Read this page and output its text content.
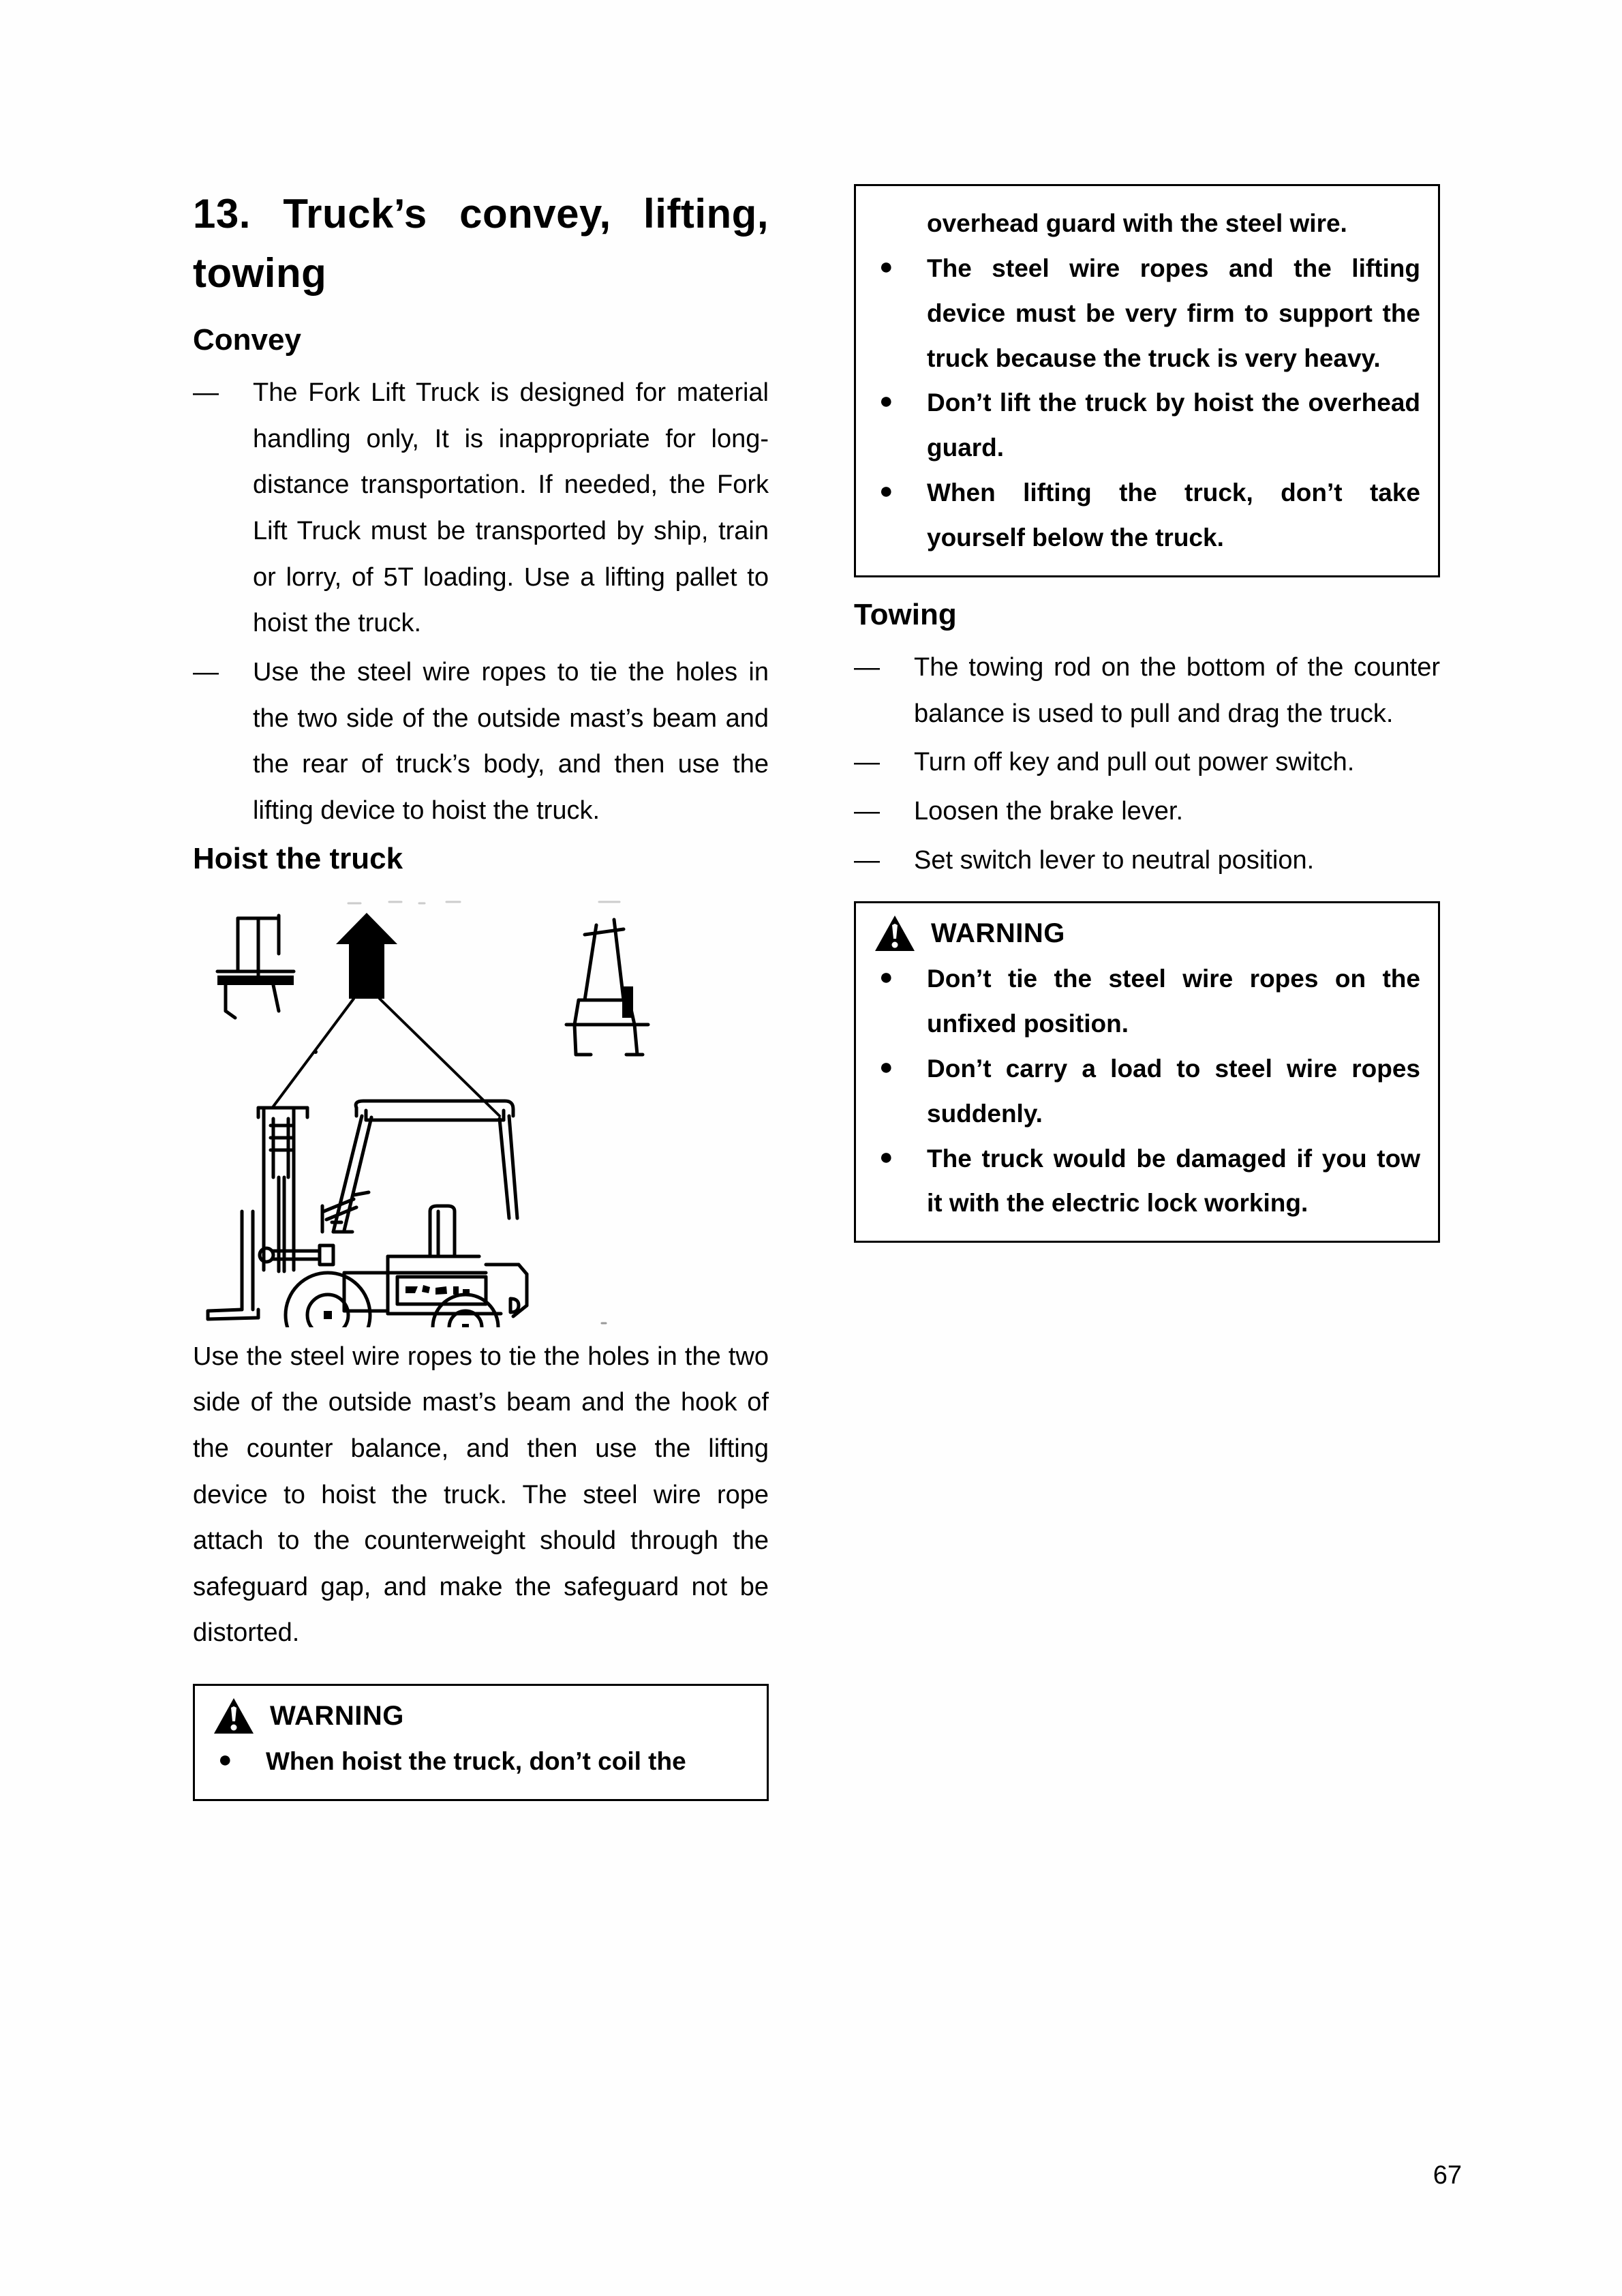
13. Truck’s convey, lifting,
towing
Convey

— The Fork Lift Truck is designed for material handling only, It is inappropriate for long-distance transportation. If needed, the Fork Lift Truck must be transported by ship, train or lorry, of 5T loading. Use a lifting pallet to hoist the truck.

— Use the steel wire ropes to tie the holes in the two side of the outside mast’s beam and the rear of truck’s body, and then use the lifting device to hoist the truck.

Hoist the truck

Use the steel wire ropes to tie the holes in the two side of the outside mast’s beam and the hook of the counter balance, and then use the lifting device to hoist the truck. The steel wire rope attach to the counterweight should through the safeguard gap, and make the safeguard not be distorted.

WARNING

● When hoist the truck, don’t coil the

overhead guard with the steel wire.

● The steel wire ropes and the lifting device must be very firm to support the truck because the truck is very heavy.

● Don’t lift the truck by hoist the overhead guard.

● When lifting the truck, don’t take yourself below the truck.

Towing

— The towing rod on the bottom of the counter balance is used to pull and drag the truck.

— Turn off key and pull out power switch.

— Loosen the brake lever.

— Set switch lever to neutral position.

WARNING

● Don’t tie the steel wire ropes on the unfixed position.

● Don’t carry a load to steel wire ropes suddenly.

● The truck would be damaged if you tow it with the electric lock working.

67
